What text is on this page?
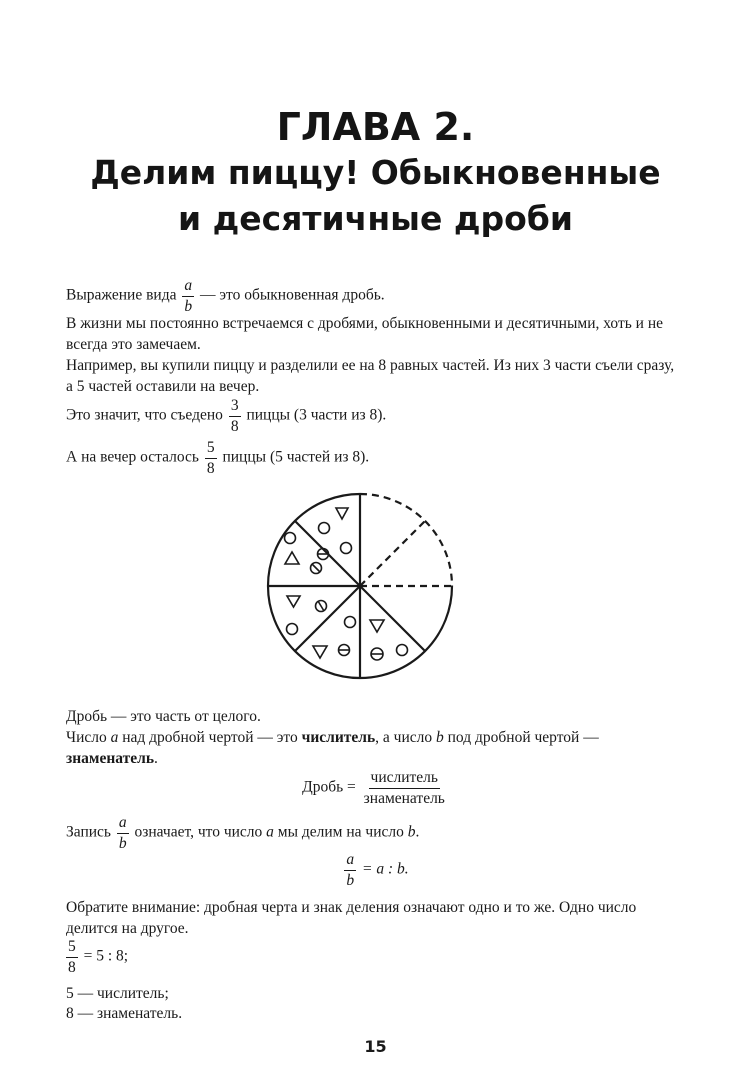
ГЛАВА 2.
Делим пиццу! Обыкновенные
и десятичные дроби

Выражение вида $\frac{a}{b}$ — это обыкновенная дробь.

В жизни мы постоянно встречаемся с дробями, обыкновенными и десятичными, хоть и не всегда это замечаем.

Например, вы купили пиццу и разделили ее на 8 равных частей. Из них 3 части съели сразу, а 5 частей оставили на вечер.

Это значит, что съедено $\frac{3}{8}$ пиццы (3 части из 8).

А на вечер осталось $\frac{5}{8}$ пиццы (5 частей из 8).

Дробь — это часть от целого.

Число a над дробной чертой — это числитель, а число b под дробной чертой — знаменатель.

Дробь = $\frac{\text{числитель}}{\text{знаменатель}}$

Запись $\frac{a}{b}$ означает, что число a мы делим на число b.

$\frac{a}{b} = a$ : b.

Обратите внимание: дробная черта и знак деления означают одно и то же. Одно число делится на другое.

$\frac{5}{8} = 5$ : 8;

5 — числитель;

8 — знаменатель.

15
